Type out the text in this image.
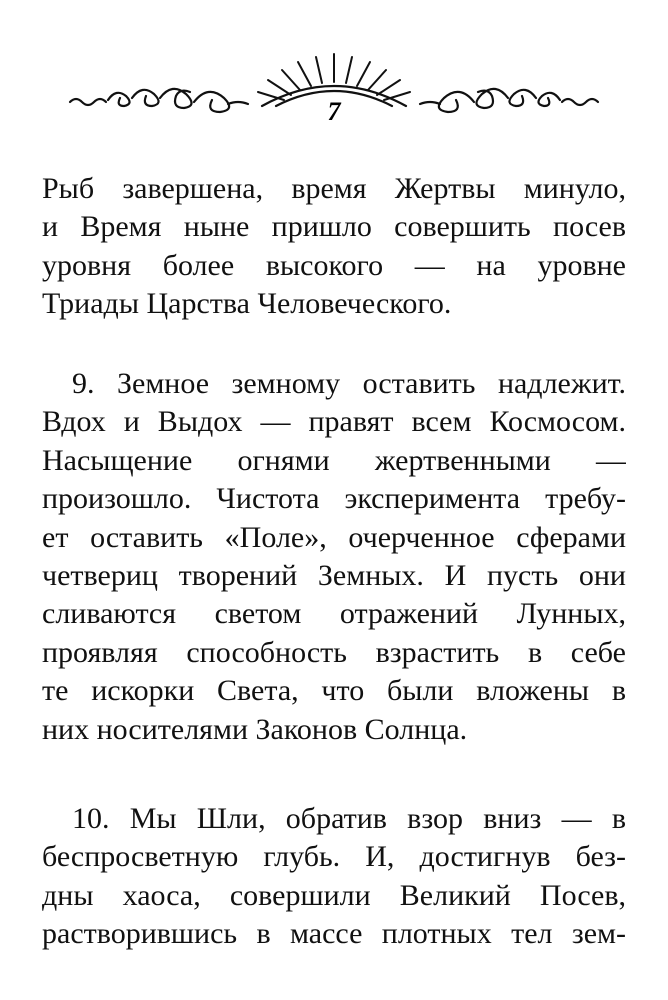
7
Рыб завершена, время Жертвы минуло,
и Время ныне пришло совершить посев
уровня более высокого — на уровне
Триады Царства Человеческого.
9. Земное земному оставить надлежит.
Вдох и Выдох — правят всем Космосом.
Насыщение огнями жертвенными —
произошло. Чистота эксперимента требу-
ет оставить «Поле», очерченное сферами
четвериц творений Земных. И пусть они
сливаются светом отражений Лунных,
проявляя способность взрастить в себе
те искорки Света, что были вложены в
них носителями Законов Солнца.
10. Мы Шли, обратив взор вниз — в
беспросветную глубь. И, достигнув без-
дны хаоса, совершили Великий Посев,
растворившись в массе плотных тел зем-
